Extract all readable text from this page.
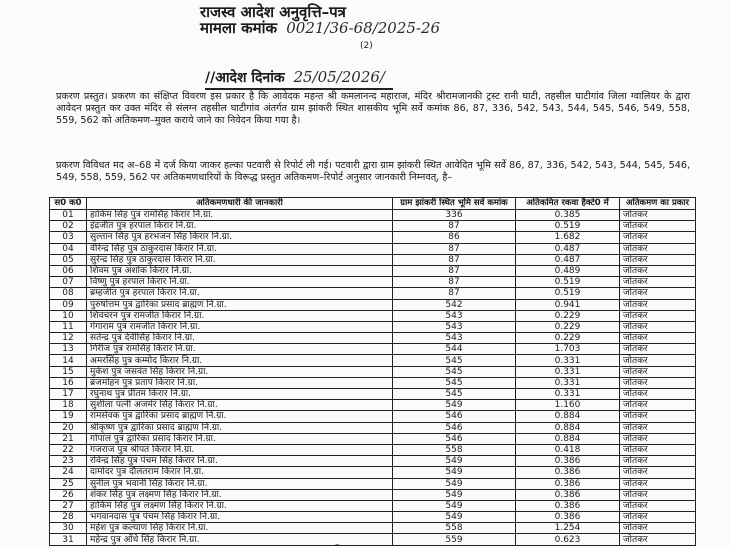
राजस्व आदेश अनुवृत्ति–पत्र
मामला कमांक 0021/36-68/2025-26
(2)
//आदेश दिनांक 25/05/2026/

प्रकरण प्रस्तुत। प्रकरण का संक्षिप्त विवरण इस प्रकार है कि आवेदक महन्त श्री कमलानन्द महाराज, मंदिर श्रीरामजानकी ट्रस्ट रानी घाटी, तहसील घाटीगांव जिला ग्वालियर के द्वारा आवेदन प्रस्तुत कर उक्त मंदिर से संलग्न तहसील घाटीगांव अंतर्गत ग्राम झांकरी स्थित शासकीय भूमि सर्वे कमांक 86, 87, 336, 542, 543, 544, 545, 546, 549, 558, 559, 562 को अतिकमण–मुक्त कराये जाने का निवेदन किया गया है।

प्रकरण विविधत मद अ–68 में दर्ज किया जाकर हल्का पटवारी से रिपोर्ट ली गई। पटवारी द्वारा ग्राम झांकरी स्थित आवेदित भूमि सर्वे 86, 87, 336, 542, 543, 544, 545, 546, 549, 558, 559, 562 पर अतिकमणधारियों के विरूद्ध प्रस्तुत अतिकमण–रिपोर्ट अनुसार जानकारी निम्नवत्, है–

स0 क0	अतिकमणधारी की जानकारी	ग्राम झांकरी स्थित भूमि सर्वे कमांक	अतिकमित रकवा हैक्टे0 में	अतिकमण का प्रकार
01	हाकिम सिंह पुत्र रामसिंह किरार नि.ग्रा.	336	0.385	जोतकर
02	इंद्रजीत पुत्र हरपाल किरार नि.ग्रा.	87	0.519	जोतकर
03	सुल्तान सिंह पुत्र हरभजन सिंह किरार नि.ग्रा.	86	1.682	जोतकर
04	वीरेन्द्र सिंह पुत्र ठाकुरदास किरार नि.ग्रा.	87	0.487	जोतकर
05	सुरेन्द्र सिंह पुत्र ठाकुरदास किरार नि.ग्रा.	87	0.487	जोतकर
06	शिवम पुत्र अशोक किरार नि.ग्रा.	87	0.489	जोतकर
07	विष्णु पुत्र हरपाल किरार नि.ग्रा.	87	0.519	जोतकर
08	ब्रम्हजीत पुत्र हरपाल किरार नि.ग्रा.	87	0.519	जोतकर
09	पुरुषोत्तम पुत्र द्वारिका प्रसाद ब्राह्मण नि.ग्रा.	542	0.941	जोतकर
10	शिवचरन पुत्र रामजीत किरार नि.ग्रा.	543	0.229	जोतकर
11	गंगाराम पुत्र रामजीत किरार नि.ग्रा.	543	0.229	जोतकर
12	सतेन्द्र पुत्र देवीसिंह किरार नि.ग्रा.	543	0.229	जोतकर
13	गिरीज पुत्र रामसिंह किरार नि.ग्रा.	544	1.703	जोतकर
14	अमरसिंह पुत्र कम्मोद किरार नि.ग्रा.	545	0.331	जोतकर
15	मुकेश पुत्र जसवंत सिंह किरार नि.ग्रा.	545	0.331	जोतकर
16	ब्रजमोहन पुत्र प्रताप किरार नि.ग्रा.	545	0.331	जोतकर
17	रघुनाथ पुत्र प्रीतम किरार नि.ग्रा.	545	0.331	जोतकर
18	सुशीला पत्नी अजमेर सिंह किरार नि.ग्रा.	549	1.160	जोतकर
19	रामसेवक पुत्र द्वारिका प्रसाद ब्राह्मण नि.ग्रा.	546	0.884	जोतकर
20	श्रीकृष्ण पुत्र द्वारिका प्रसाद ब्राह्मण नि.ग्रा.	546	0.884	जोतकर
21	गोपाल पुत्र द्वारिका प्रसाद किरार नि.ग्रा.	546	0.884	जोतकर
22	गजराज पुत्र श्रीपत किरार नि.ग्रा.	558	0.418	जोतकर
23	रविन्द्र सिंह पुत्र पंचम सिंह किरार नि.ग्रा.	549	0.386	जोतकर
24	दामोदर पुत्र दौलतराम किरार नि.ग्रा.	549	0.386	जोतकर
25	सुनील पुत्र भवानी सिंह किरार नि.ग्रा.	549	0.386	जोतकर
26	शंकर सिंह पुत्र लक्ष्मण सिंह किरार नि.ग्रा.	549	0.386	जोतकर
27	हाकिम सिंह पुत्र लक्ष्मण सिंह किरार नि.ग्रा.	549	0.386	जोतकर
28	भगवानदास पुत्र पंचम सिंह किरार नि.ग्रा.	549	0.386	जोतकर
30	महेश पुत्र कल्याण सिंह किरार नि.ग्रा.	558	1.254	जोतकर
31	महेन्द्र पुत्र ओंधे सिंह किरार नि.ग्रा.	559	0.623	जोतकर
–
